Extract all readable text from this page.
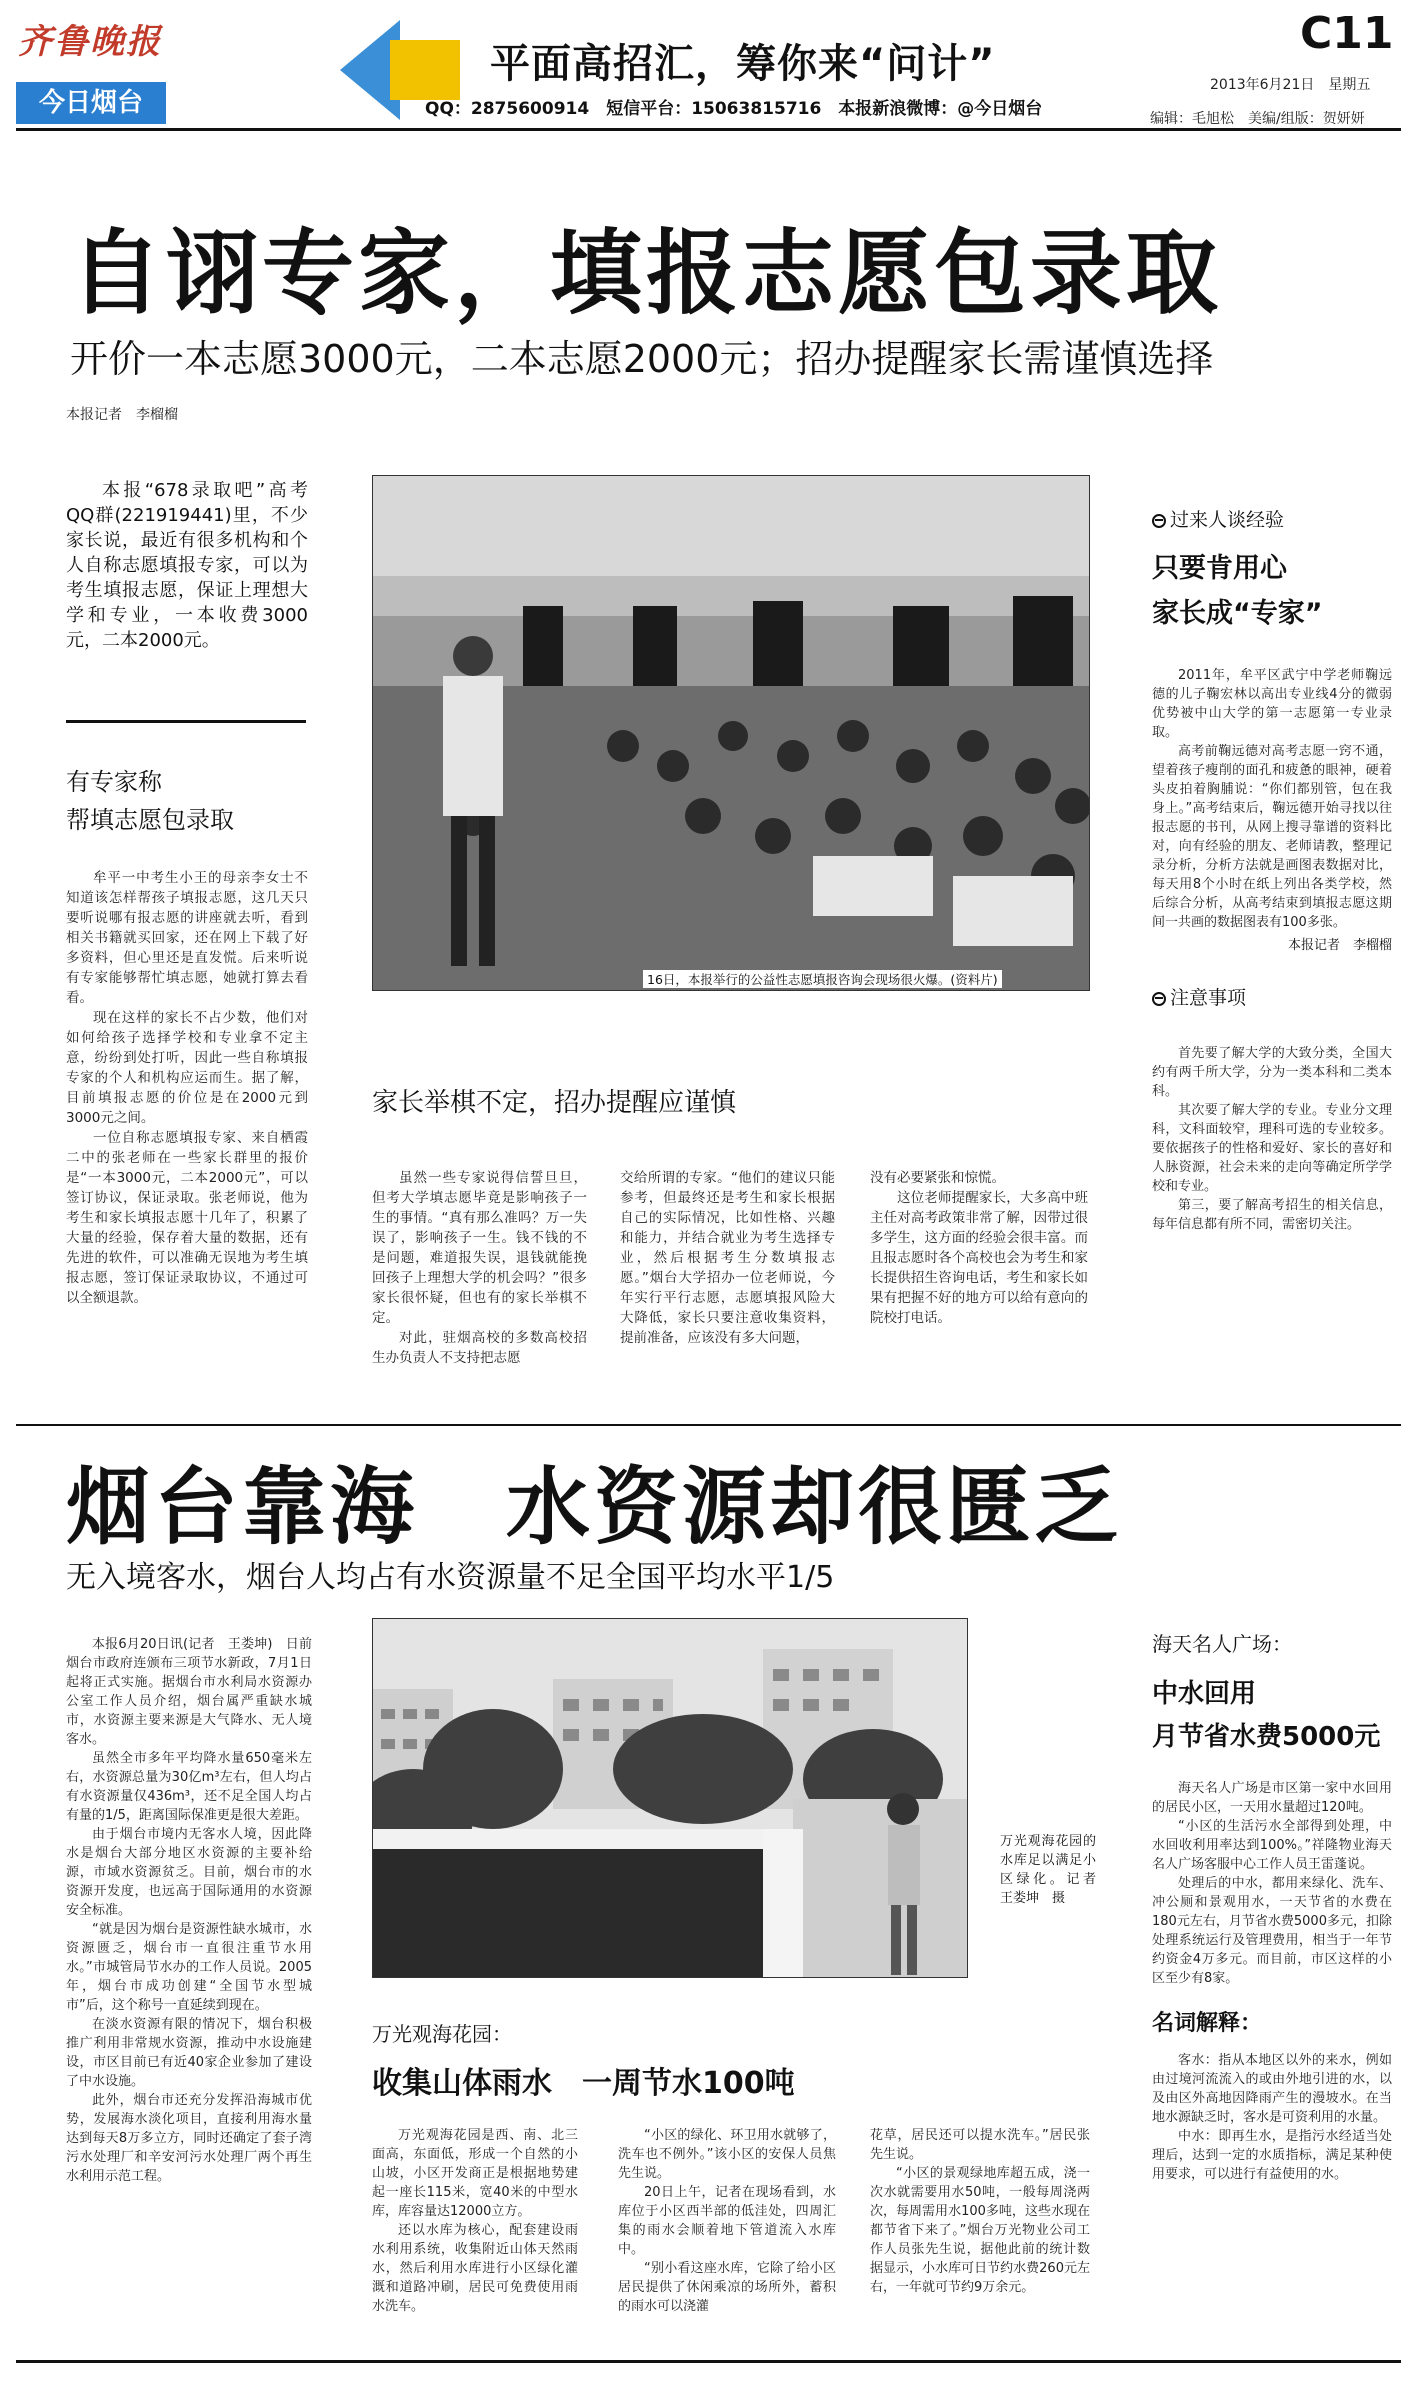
齐鲁晚报
今日烟台
平面高招汇，筹你来“问计”
QQ：2875600914　短信平台：15063815716　本报新浪微博：@今日烟台
C11
2013年6月21日　星期五
编辑：毛旭松　美编/组版：贺妍妍
自诩专家，填报志愿包录取
开价一本志愿3000元，二本志愿2000元；招办提醒家长需谨慎选择
本报记者　李榴榴
本报“678录取吧”高考QQ群(221919441)里，不少家长说，最近有很多机构和个人自称志愿填报专家，可以为考生填报志愿，保证上理想大学和专业，一本收费3000元，二本2000元。
有专家称
帮填志愿包录取

牟平一中考生小王的母亲李女士不知道该怎样帮孩子填报志愿，这几天只要听说哪有报志愿的讲座就去听，看到相关书籍就买回家，还在网上下载了好多资料，但心里还是直发慌。后来听说有专家能够帮忙填志愿，她就打算去看看。

现在这样的家长不占少数，他们对如何给孩子选择学校和专业拿不定主意，纷纷到处打听，因此一些自称填报专家的个人和机构应运而生。据了解，目前填报志愿的价位是在2000元到3000元之间。

一位自称志愿填报专家、来自栖霞二中的张老师在一些家长群里的报价是“一本3000元，二本2000元”，可以签订协议，保证录取。张老师说，他为考生和家长填报志愿十几年了，积累了大量的经验，保存着大量的数据，还有先进的软件，可以准确无误地为考生填报志愿，签订保证录取协议，不通过可以全额退款。

16日，本报举行的公益性志愿填报咨询会现场很火爆。(资料片)
家长举棋不定，招办提醒应谨慎

虽然一些专家说得信誓旦旦，但考大学填志愿毕竟是影响孩子一生的事情。“真有那么准吗？万一失误了，影响孩子一生。钱不钱的不是问题，难道报失误，退钱就能挽回孩子上理想大学的机会吗？”很多家长很怀疑，但也有的家长举棋不定。

对此，驻烟高校的多数高校招生办负责人不支持把志愿

交给所谓的专家。“他们的建议只能参考，但最终还是考生和家长根据自己的实际情况，比如性格、兴趣和能力，并结合就业为考生选择专业，然后根据考生分数填报志愿。”烟台大学招办一位老师说，今年实行平行志愿，志愿填报风险大大降低，家长只要注意收集资料，提前准备，应该没有多大问题，

没有必要紧张和惊慌。

这位老师提醒家长，大多高中班主任对高考政策非常了解，因带过很多学生，这方面的经验会很丰富。而且报志愿时各个高校也会为考生和家长提供招生咨询电话，考生和家长如果有把握不好的地方可以给有意向的院校打电话。

过来人谈经验
只要肯用心
家长成“专家”

2011年，牟平区武宁中学老师鞠远德的儿子鞠宏林以高出专业线4分的微弱优势被中山大学的第一志愿第一专业录取。

高考前鞠远德对高考志愿一窍不通，望着孩子瘦削的面孔和疲惫的眼神，硬着头皮拍着胸脯说：“你们都别管，包在我身上。”高考结束后，鞠远德开始寻找以往报志愿的书刊，从网上搜寻靠谱的资料比对，向有经验的朋友、老师请教，整理记录分析，分析方法就是画图表数据对比，每天用8个小时在纸上列出各类学校，然后综合分析，从高考结束到填报志愿这期间一共画的数据图表有100多张。

本报记者　李榴榴
注意事项

首先要了解大学的大致分类，全国大约有两千所大学，分为一类本科和二类本科。

其次要了解大学的专业。专业分文理科，文科面较窄，理科可选的专业较多。要依据孩子的性格和爱好、家长的喜好和人脉资源，社会未来的走向等确定所学学校和专业。

第三，要了解高考招生的相关信息，每年信息都有所不同，需密切关注。

烟台靠海　水资源却很匮乏
无入境客水，烟台人均占有水资源量不足全国平均水平1/5

本报6月20日讯(记者　王娄坤)　日前烟台市政府连颁布三项节水新政，7月1日起将正式实施。据烟台市水利局水资源办公室工作人员介绍，烟台属严重缺水城市，水资源主要来源是大气降水、无人境客水。

虽然全市多年平均降水量650毫米左右，水资源总量为30亿m³左右，但人均占有水资源量仅436m³，还不足全国人均占有量的1/5，距离国际保准更是很大差距。

由于烟台市境内无客水人境，因此降水是烟台大部分地区水资源的主要补给源，市域水资源贫乏。目前，烟台市的水资源开发度，也远高于国际通用的水资源安全标准。

“就是因为烟台是资源性缺水城市，水资源匮乏，烟台市一直很注重节水用水。”市城管局节水办的工作人员说。2005年，烟台市成功创建“全国节水型城市”后，这个称号一直延续到现在。

在淡水资源有限的情况下，烟台积极推广利用非常规水资源，推动中水设施建设，市区目前已有近40家企业参加了建设了中水设施。

此外，烟台市还充分发挥沿海城市优势，发展海水淡化项目，直接利用海水量达到每天8万多立方，同时还确定了套子湾污水处理厂和辛安河污水处理厂两个再生水利用示范工程。

万光观海花园的水库足以满足小区绿化。记者　王娄坤　摄
万光观海花园：
收集山体雨水　一周节水100吨

万光观海花园是西、南、北三面高，东面低，形成一个自然的小山坡，小区开发商正是根据地势建起一座长115米，宽40米的中型水库，库容量达12000立方。

还以水库为核心，配套建设雨水利用系统，收集附近山体天然雨水，然后利用水库进行小区绿化灌溉和道路冲刷，居民可免费使用雨水洗车。

“小区的绿化、环卫用水就够了，洗车也不例外。”该小区的安保人员焦先生说。

20日上午，记者在现场看到，水库位于小区西半部的低洼处，四周汇集的雨水会顺着地下管道流入水库中。

“别小看这座水库，它除了给小区居民提供了休闲乘凉的场所外，蓄积的雨水可以浇灌

花草，居民还可以提水洗车。”居民张先生说。

“小区的景观绿地库超五成，浇一次水就需要用水50吨，一般每周浇两次，每周需用水100多吨，这些水现在都节省下来了。”烟台万光物业公司工作人员张先生说，据他此前的统计数据显示，小水库可日节约水费260元左右，一年就可节约9万余元。

海天名人广场：
中水回用
月节省水费5000元

海天名人广场是市区第一家中水回用的居民小区，一天用水量超过120吨。

“小区的生活污水全部得到处理，中水回收利用率达到100%。”祥隆物业海天名人广场客服中心工作人员王雷蓬说。

处理后的中水，都用来绿化、洗车、冲公厕和景观用水，一天节省的水费在180元左右，月节省水费5000多元，扣除处理系统运行及管理费用，相当于一年节约资金4万多元。而目前，市区这样的小区至少有8家。

名词解释：

客水：指从本地区以外的来水，例如由过境河流流入的或由外地引进的水，以及由区外高地因降雨产生的漫坡水。在当地水源缺乏时，客水是可资利用的水量。

中水：即再生水，是指污水经适当处理后，达到一定的水质指标，满足某种使用要求，可以进行有益使用的水。
